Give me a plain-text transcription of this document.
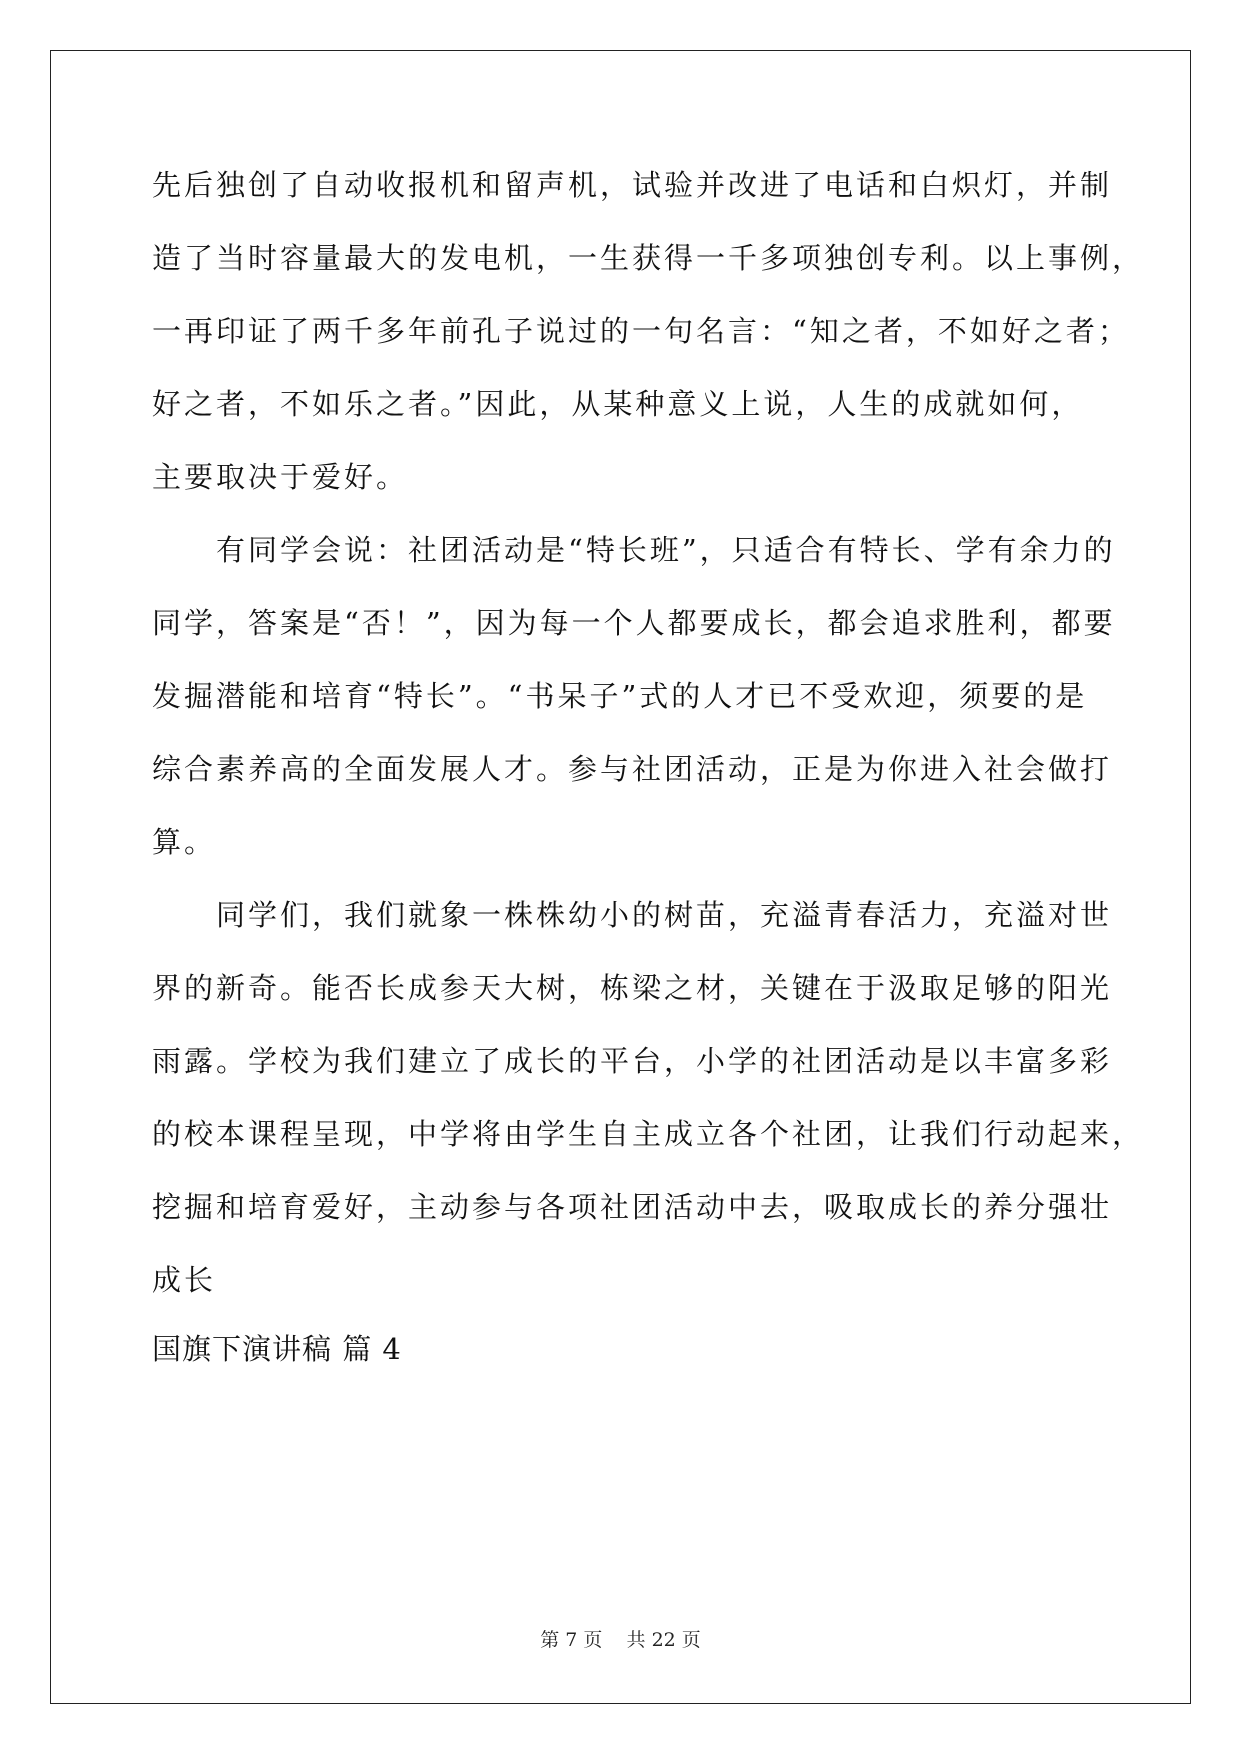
先后独创了自动收报机和留声机，试验并改进了电话和白炽灯，并制
造了当时容量最大的发电机，一生获得一千多项独创专利。以上事例，
一再印证了两千多年前孔子说过的一句名言：“知之者，不如好之者；
好之者，不如乐之者。”因此，从某种意义上说，人生的成就如何，
主要取决于爱好。
　　有同学会说：社团活动是“特长班”，只适合有特长、学有余力的
同学，答案是“否！”，因为每一个人都要成长，都会追求胜利，都要
发掘潜能和培育“特长”。“书呆子”式的人才已不受欢迎，须要的是
综合素养高的全面发展人才。参与社团活动，正是为你进入社会做打
算。
　　同学们，我们就象一株株幼小的树苗，充溢青春活力，充溢对世
界的新奇。能否长成参天大树，栋梁之材，关键在于汲取足够的阳光
雨露。学校为我们建立了成长的平台，小学的社团活动是以丰富多彩
的校本课程呈现，中学将由学生自主成立各个社团，让我们行动起来，
挖掘和培育爱好，主动参与各项社团活动中去，吸取成长的养分强壮
成长
国旗下演讲稿 篇 4
第 7 页    共 22 页
